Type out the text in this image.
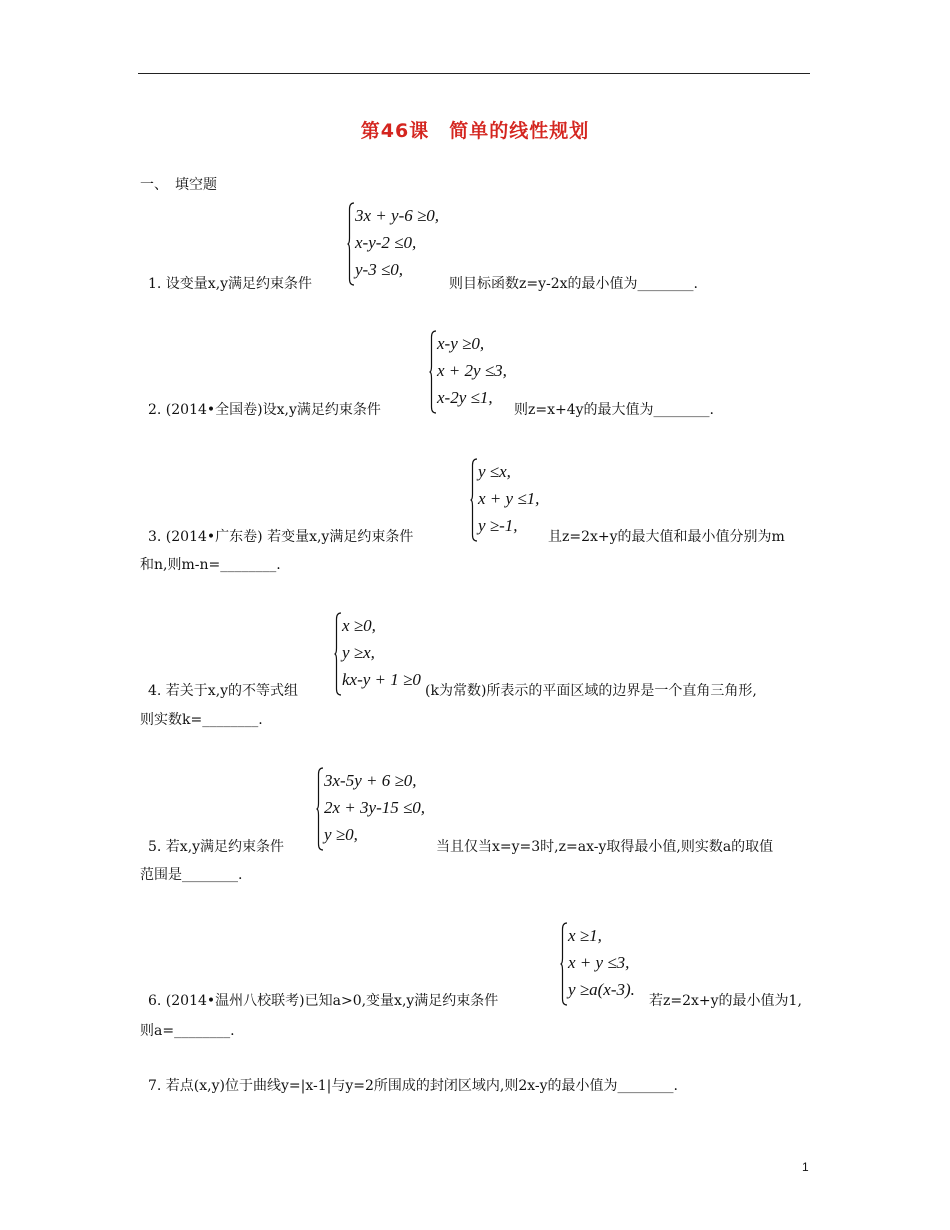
第46课　简单的线性规划
一、　填空题
3x + y-6 ≥0,
x-y-2 ≤0,
y-3 ≤0,
1. 设变量x,y满足约束条件	则目标函数z=y-2x的最小值为________.
x-y ≥0,
x + 2y ≤3,
x-2y ≤1,
2. (2014•全国卷)设x,y满足约束条件	则z=x+4y的最大值为________.
y ≤x,
x + y ≤1,
y ≥-1,
3. (2014•广东卷) 若变量x,y满足约束条件	且z=2x+y的最大值和最小值分别为m
和n,则m-n=________.
x ≥0,
y ≥x,
kx-y + 1 ≥0
4. 若关于x,y的不等式组	(k为常数)所表示的平面区域的边界是一个直角三角形,
则实数k=________.
3x-5y + 6 ≥0,
2x + 3y-15 ≤0,
y ≥0,
5. 若x,y满足约束条件	当且仅当x=y=3时,z=ax-y取得最小值,则实数a的取值
范围是________.
x ≥1,
x + y ≤3,
y ≥a(x-3).
6. (2014•温州八校联考)已知a>0,变量x,y满足约束条件	若z=2x+y的最小值为1,
则a=________.
7. 若点(x,y)位于曲线y=|x-1|与y=2所围成的封闭区域内,则2x-y的最小值为________.
1
